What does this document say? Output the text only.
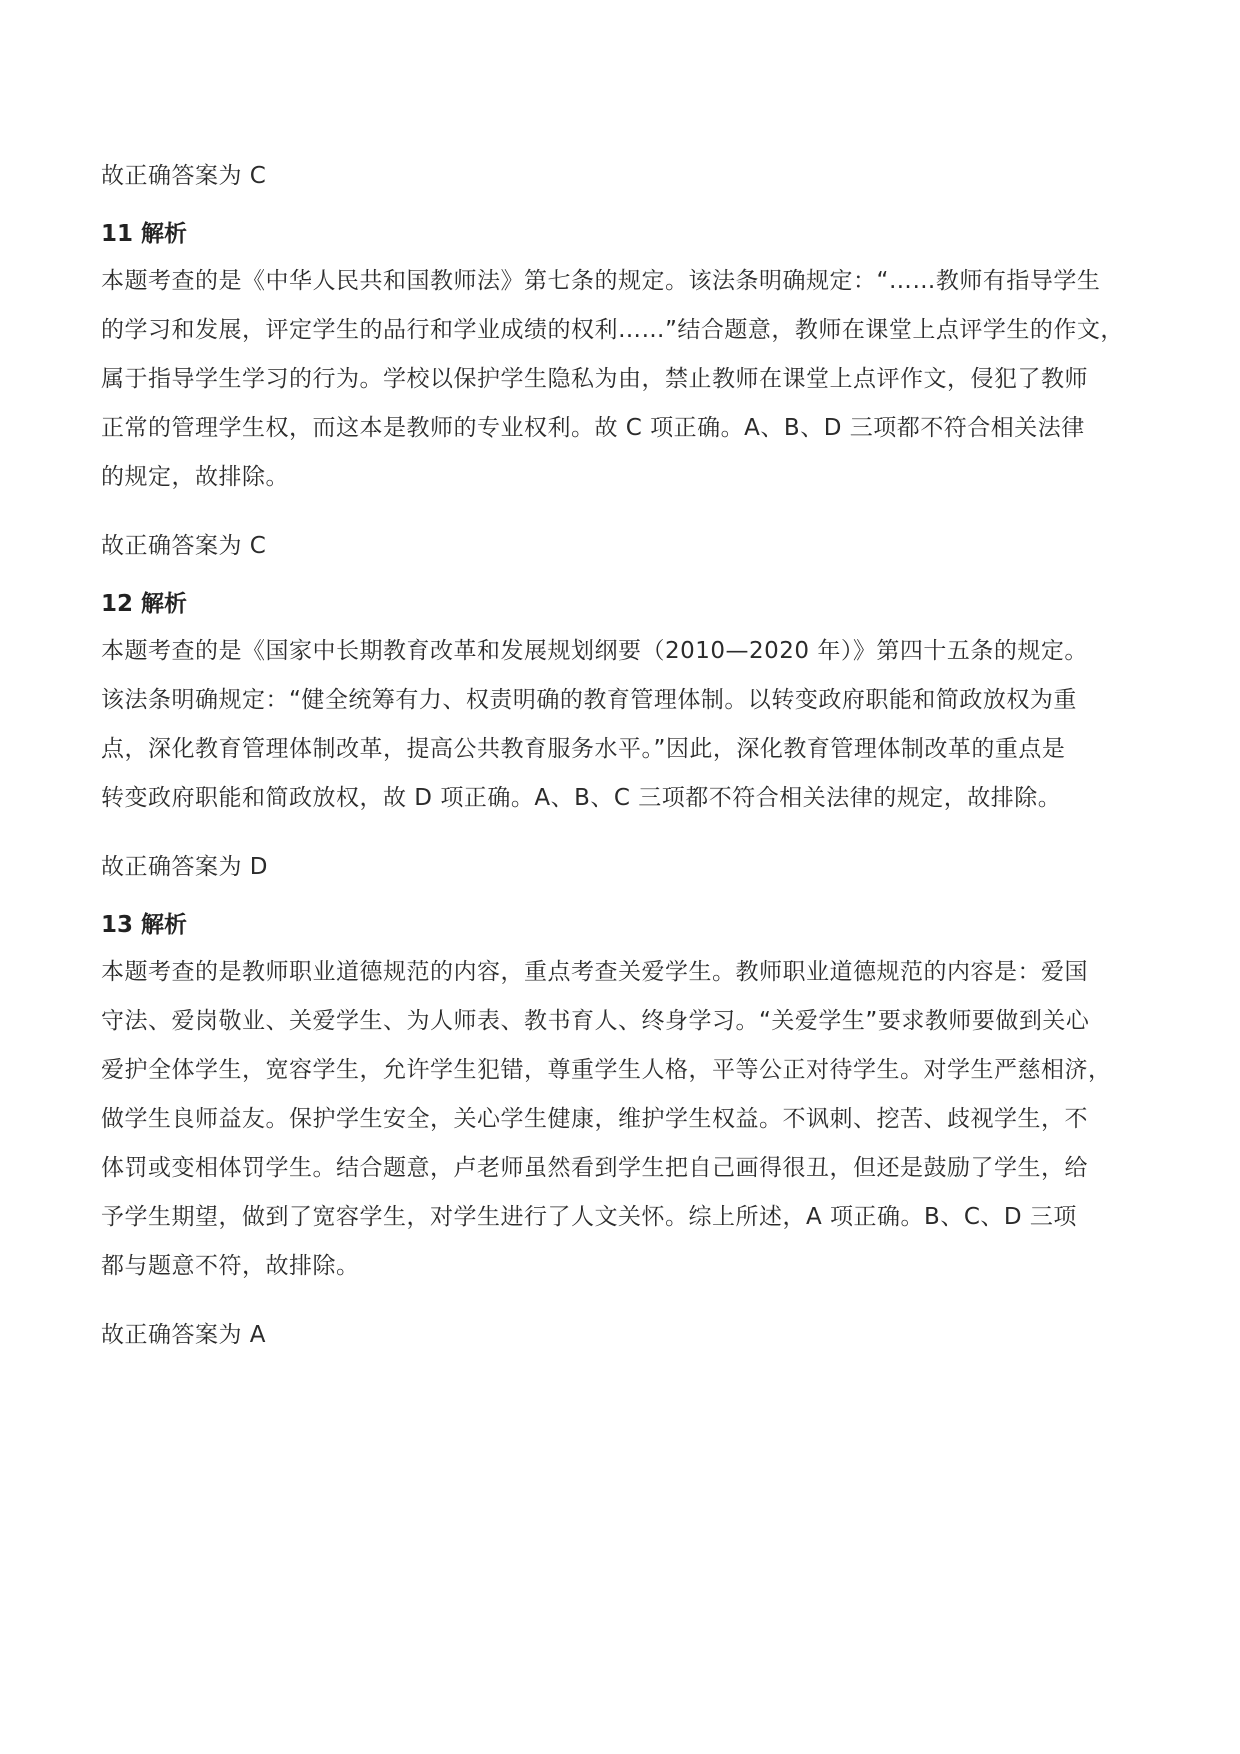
故正确答案为 C

11 解析

本题考查的是《中华人民共和国教师法》第七条的规定。该法条明确规定：“……教师有指导学生
的学习和发展，评定学生的品行和学业成绩的权利……”结合题意，教师在课堂上点评学生的作文，
属于指导学生学习的行为。学校以保护学生隐私为由，禁止教师在课堂上点评作文，侵犯了教师
正常的管理学生权，而这本是教师的专业权利。故 C 项正确。A、B、D 三项都不符合相关法律
的规定，故排除。

故正确答案为 C

12 解析

本题考查的是《国家中长期教育改革和发展规划纲要（2010—2020 年）》第四十五条的规定。
该法条明确规定：“健全统筹有力、权责明确的教育管理体制。以转变政府职能和简政放权为重
点，深化教育管理体制改革，提高公共教育服务水平。”因此，深化教育管理体制改革的重点是
转变政府职能和简政放权，故 D 项正确。A、B、C 三项都不符合相关法律的规定，故排除。

故正确答案为 D

13 解析

本题考查的是教师职业道德规范的内容，重点考查关爱学生。教师职业道德规范的内容是：爱国
守法、爱岗敬业、关爱学生、为人师表、教书育人、终身学习。“关爱学生”要求教师要做到关心
爱护全体学生，宽容学生，允许学生犯错，尊重学生人格，平等公正对待学生。对学生严慈相济，
做学生良师益友。保护学生安全，关心学生健康，维护学生权益。不讽刺、挖苦、歧视学生，不
体罚或变相体罚学生。结合题意，卢老师虽然看到学生把自己画得很丑，但还是鼓励了学生，给
予学生期望，做到了宽容学生，对学生进行了人文关怀。综上所述，A 项正确。B、C、D 三项
都与题意不符，故排除。

故正确答案为 A
